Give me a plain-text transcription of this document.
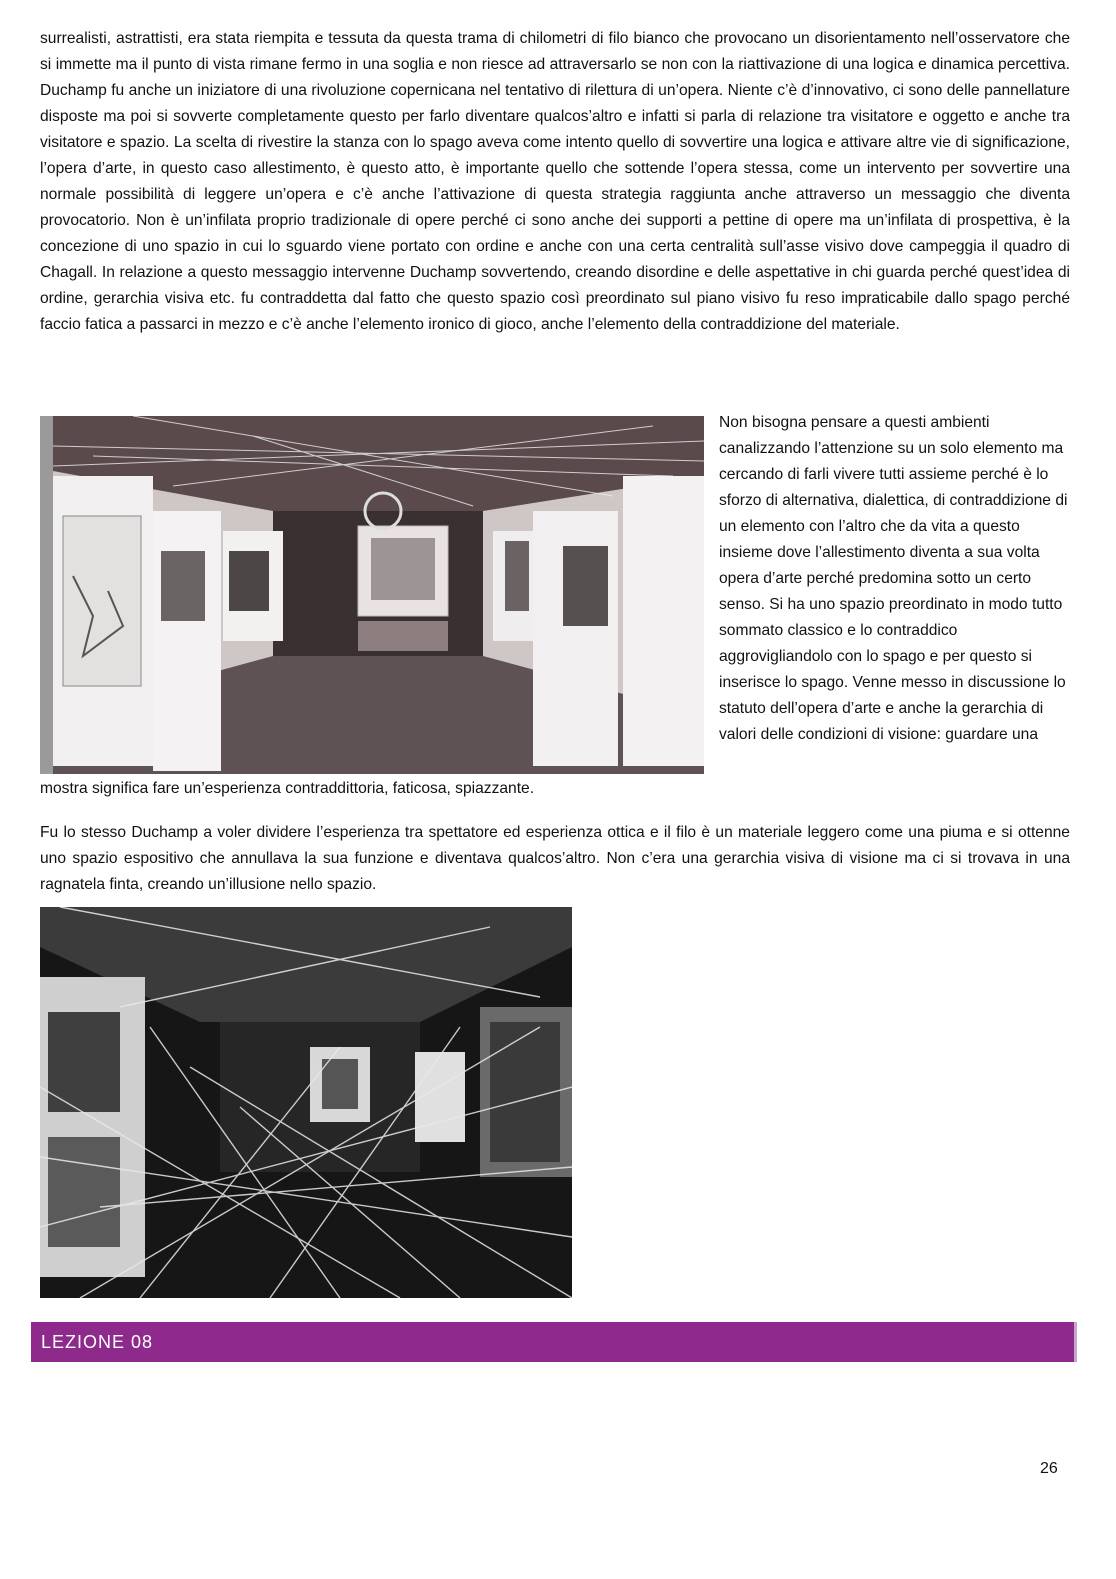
surrealisti, astrattisti, era stata riempita e tessuta da questa trama di chilometri di filo bianco che provocano un disorientamento nell’osservatore che si immette ma il punto di vista rimane fermo in una soglia e non riesce ad attraversarlo se non con la riattivazione di una logica e dinamica percettiva. Duchamp fu anche un iniziatore di una rivoluzione copernicana nel tentativo di rilettura di un’opera. Niente c’è d’innovativo, ci sono delle pannellature disposte ma poi si sovverte completamente questo per farlo diventare qualcos’altro e infatti si parla di relazione tra visitatore e oggetto e anche tra visitatore e spazio. La scelta di rivestire la stanza con lo spago aveva come intento quello di sovvertire una logica e attivare altre vie di significazione, l’opera d’arte, in questo caso allestimento, è questo atto, è importante quello che sottende l’opera stessa, come un intervento per sovvertire una normale possibilità di leggere un’opera e c’è anche l’attivazione di questa strategia raggiunta anche attraverso un messaggio che diventa provocatorio. Non è un’infilata proprio tradizionale di opere perché ci sono anche dei supporti a pettine di opere ma un’infilata di prospettiva, è la concezione di uno spazio in cui lo sguardo viene portato con ordine e anche con una certa centralità sull’asse visivo dove campeggia il quadro di Chagall. In relazione a questo messaggio intervenne Duchamp sovvertendo, creando disordine e delle aspettative in chi guarda perché quest’idea di ordine, gerarchia visiva etc. fu contraddetta dal fatto che questo spazio così preordinato sul piano visivo fu reso impraticabile dallo spago perché faccio fatica a passarci in mezzo e c’è anche l’elemento ironico di gioco, anche l’elemento della contraddizione del materiale.

Non bisogna pensare a questi ambienti canalizzando l’attenzione su un solo elemento ma cercando di farli vivere tutti assieme perché è lo sforzo di alternativa, dialettica, di contraddizione di un elemento con l’altro che da vita a questo insieme dove l’allestimento diventa a sua volta opera d’arte perché predomina sotto un certo senso. Si ha uno spazio preordinato in modo tutto sommato classico e lo contraddico aggrovigliandolo con lo spago e per questo si inserisce lo spago. Venne messo in discussione lo statuto dell’opera d’arte e anche la gerarchia di valori delle condizioni di visione: guardare una

mostra significa fare un’esperienza contraddittoria, faticosa, spiazzante.

Fu lo stesso Duchamp a voler dividere l’esperienza tra spettatore ed esperienza ottica e il filo è un materiale leggero come una piuma e si ottenne uno spazio espositivo che annullava la sua funzione e diventava qualcos’altro. Non c’era una gerarchia visiva di visione ma ci si trovava in una ragnatela finta, creando un’illusione nello spazio.

LEZIONE 08
26
